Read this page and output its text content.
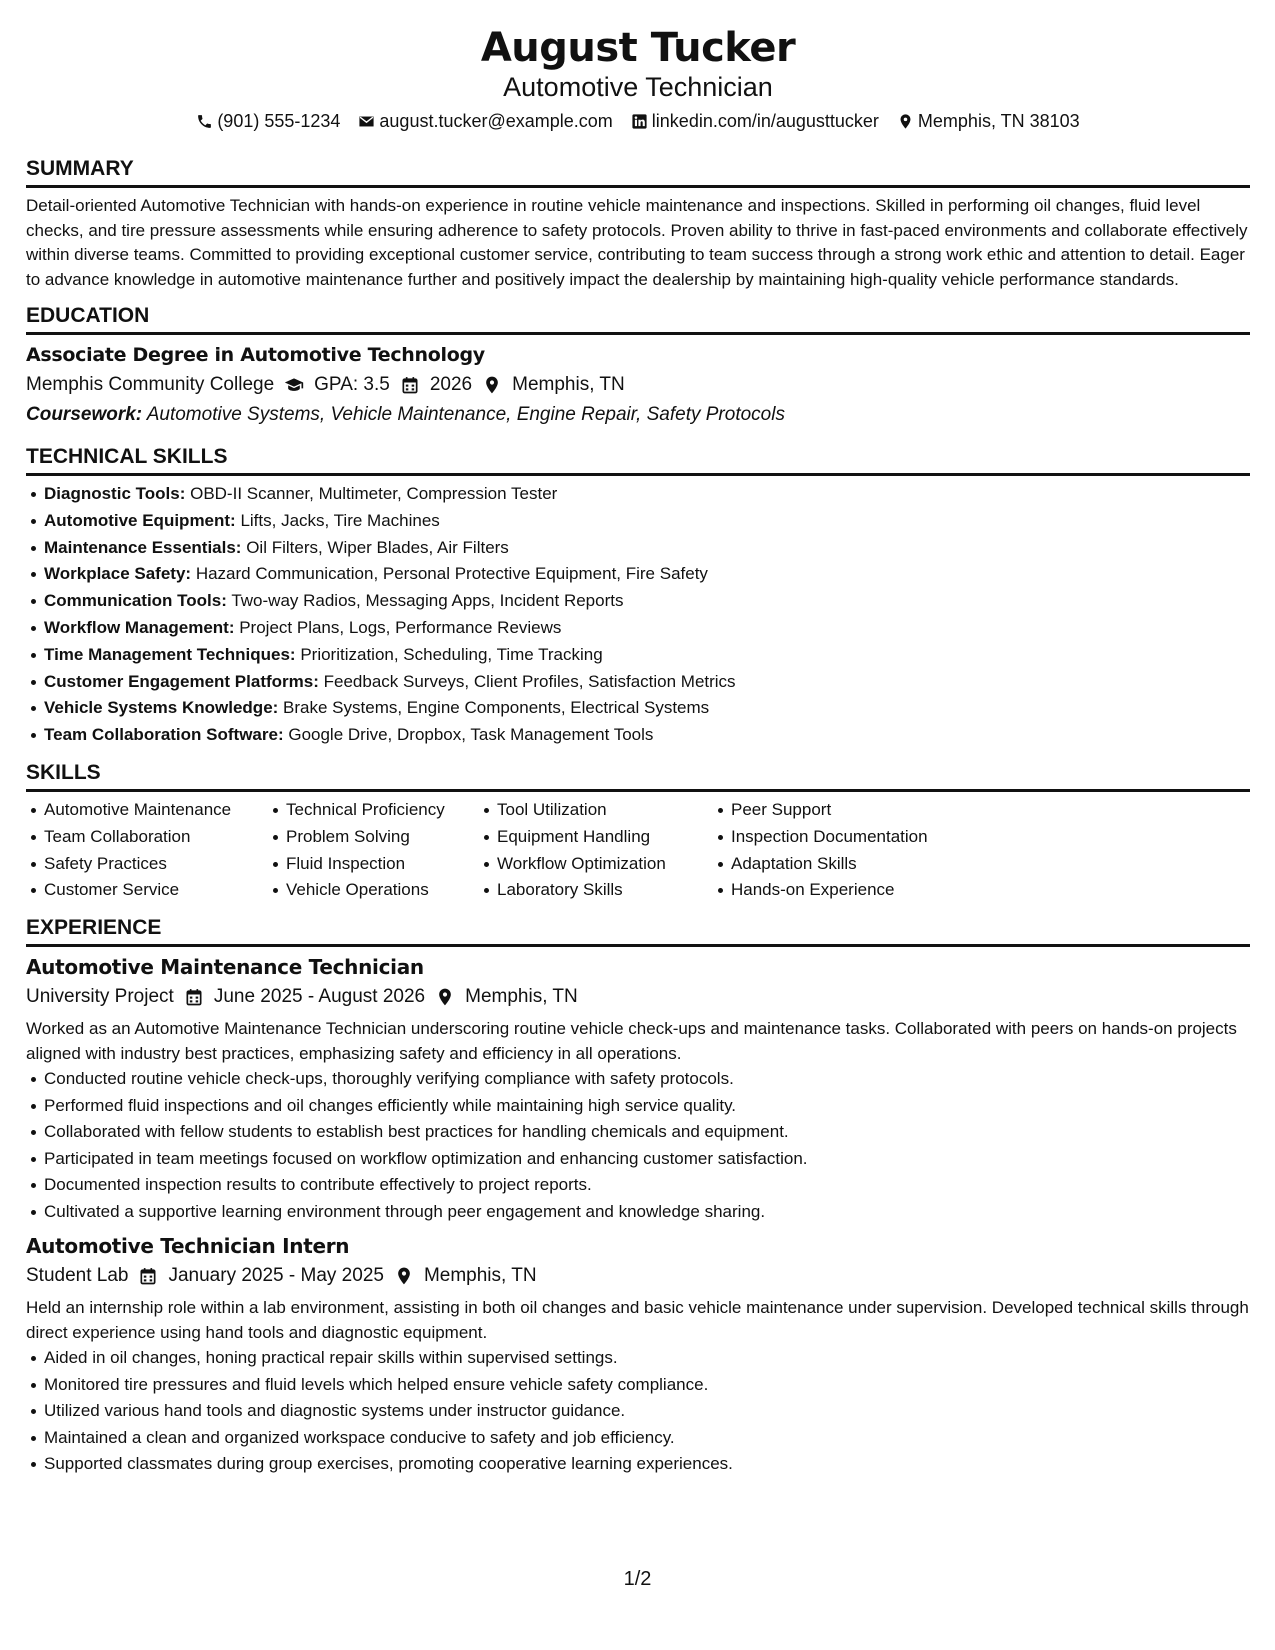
August Tucker
Automotive Technician
(901) 555-1234 august.tucker@example.com linkedin.com/in/augusttucker Memphis, TN 38103
SUMMARY

Detail-oriented Automotive Technician with hands-on experience in routine vehicle maintenance and inspections. Skilled in performing oil changes, fluid level checks, and tire pressure assessments while ensuring adherence to safety protocols. Proven ability to thrive in fast-paced environments and collaborate effectively within diverse teams. Committed to providing exceptional customer service, contributing to team success through a strong work ethic and attention to detail. Eager to advance knowledge in automotive maintenance further and positively impact the dealership by maintaining high-quality vehicle performance standards.

EDUCATION
Associate Degree in Automotive Technology
Memphis Community College GPA: 3.5 2026 Memphis, TN
Coursework: Automotive Systems, Vehicle Maintenance, Engine Repair, Safety Protocols
TECHNICAL SKILLS
Diagnostic Tools: OBD-II Scanner, Multimeter, Compression Tester
Automotive Equipment: Lifts, Jacks, Tire Machines
Maintenance Essentials: Oil Filters, Wiper Blades, Air Filters
Workplace Safety: Hazard Communication, Personal Protective Equipment, Fire Safety
Communication Tools: Two-way Radios, Messaging Apps, Incident Reports
Workflow Management: Project Plans, Logs, Performance Reviews
Time Management Techniques: Prioritization, Scheduling, Time Tracking
Customer Engagement Platforms: Feedback Surveys, Client Profiles, Satisfaction Metrics
Vehicle Systems Knowledge: Brake Systems, Engine Components, Electrical Systems
Team Collaboration Software: Google Drive, Dropbox, Task Management Tools
SKILLS
Automotive Maintenance
Team Collaboration
Safety Practices
Customer Service
Technical Proficiency
Problem Solving
Fluid Inspection
Vehicle Operations
Tool Utilization
Equipment Handling
Workflow Optimization
Laboratory Skills
Peer Support
Inspection Documentation
Adaptation Skills
Hands-on Experience
EXPERIENCE
Automotive Maintenance Technician
University Project June 2025 - August 2026 Memphis, TN

Worked as an Automotive Maintenance Technician underscoring routine vehicle check-ups and maintenance tasks. Collaborated with peers on hands-on projects aligned with industry best practices, emphasizing safety and efficiency in all operations.

Conducted routine vehicle check-ups, thoroughly verifying compliance with safety protocols.
Performed fluid inspections and oil changes efficiently while maintaining high service quality.
Collaborated with fellow students to establish best practices for handling chemicals and equipment.
Participated in team meetings focused on workflow optimization and enhancing customer satisfaction.
Documented inspection results to contribute effectively to project reports.
Cultivated a supportive learning environment through peer engagement and knowledge sharing.
Automotive Technician Intern
Student Lab January 2025 - May 2025 Memphis, TN

Held an internship role within a lab environment, assisting in both oil changes and basic vehicle maintenance under supervision. Developed technical skills through direct experience using hand tools and diagnostic equipment.

Aided in oil changes, honing practical repair skills within supervised settings.
Monitored tire pressures and fluid levels which helped ensure vehicle safety compliance.
Utilized various hand tools and diagnostic systems under instructor guidance.
Maintained a clean and organized workspace conducive to safety and job efficiency.
Supported classmates during group exercises, promoting cooperative learning experiences.
1/2
